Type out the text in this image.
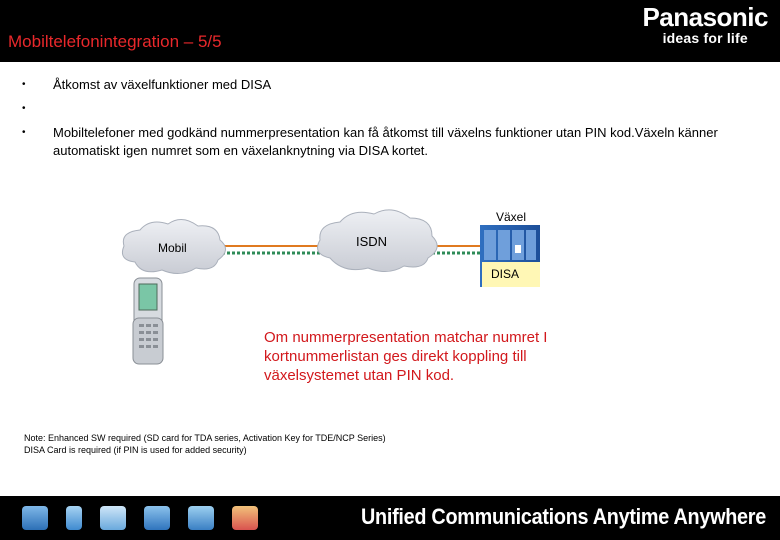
Mobiltelefonintegration – 5/5
Panasonic
ideas for life
•	Åtkomst av växelfunktioner med DISA
•
•	Mobiltelefoner med godkänd nummerpresentation kan få åtkomst till växelns funktioner utan PIN kod.Växeln känner automatiskt igen numret som en växelanknytning via DISA kortet.
Mobil	ISDN
Växel
DISA
Om nummerpresentation matchar numret I kortnummerlistan ges direkt koppling till växelsystemet utan PIN kod.
Note: Enhanced SW required (SD card for TDA series, Activation Key for TDE/NCP Series)
DISA Card is required (if PIN is used for added security)
Unified Communications Anytime Anywhere
